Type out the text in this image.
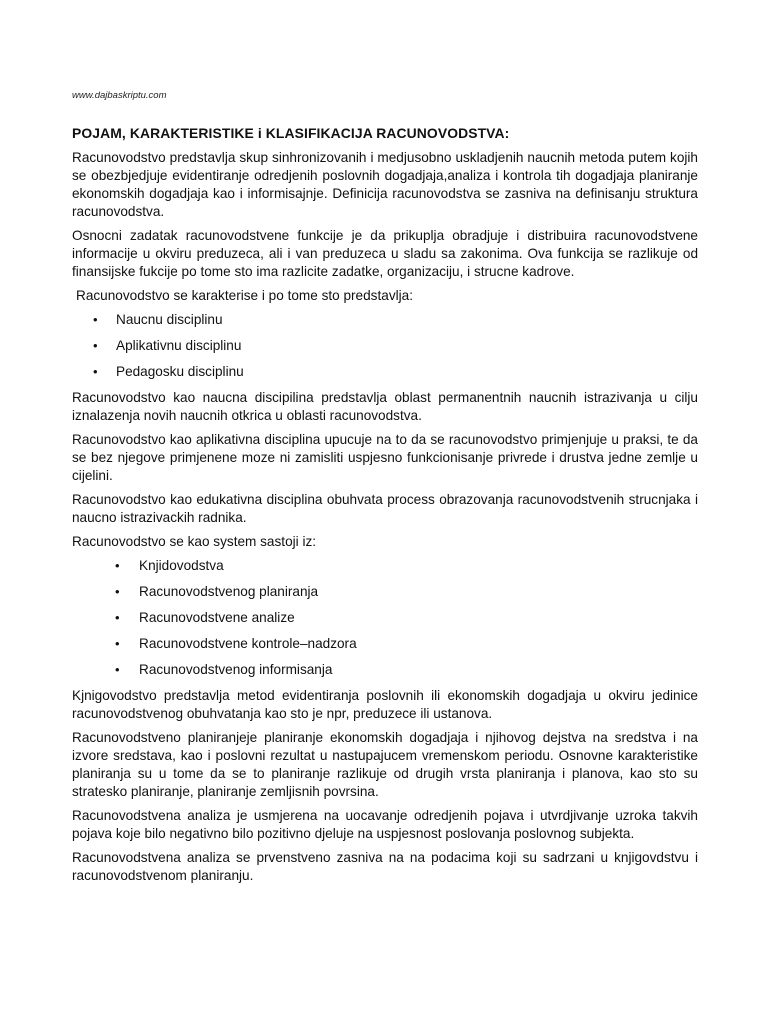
www.dajbaskriptu.com
POJAM, KARAKTERISTIKE i KLASIFIKACIJA RACUNOVODSTVA:

Racunovodstvo predstavlja skup sinhronizovanih i medjusobno uskladjenih naucnih metoda putem kojih se obezbjedjuje evidentiranje odredjenih poslovnih dogadjaja,analiza i kontrola tih dogadjaja planiranje ekonomskih dogadjaja kao i informisajnje. Definicija racunovodstva se zasniva na definisanju struktura racunovodstva.

Osnocni zadatak racunovodstvene funkcije je da prikuplja obradjuje i distribuira racunovodstvene informacije u okviru preduzeca, ali i van preduzeca u sladu sa zakonima. Ova funkcija se razlikuje od finansijske fukcije po tome sto ima razlicite zadatke, organizaciju, i strucne kadrove.

Racunovodstvo se karakterise i po tome sto predstavlja:

• Naucnu disciplinu
• Aplikativnu disciplinu
• Pedagosku disciplinu

Racunovodstvo kao naucna discipilina predstavlja oblast permanentnih naucnih istrazivanja u cilju iznalazenja novih naucnih otkrica u oblasti racunovodstva.

Racunovodstvo kao aplikativna disciplina upucuje na to da se racunovodstvo primjenjuje u praksi, te da se bez njegove primjenene moze ni zamisliti uspjesno funkcionisanje privrede i drustva jedne zemlje u cijelini.

Racunovodstvo kao edukativna disciplina obuhvata process obrazovanja racunovodstvenih strucnjaka i naucno istrazivackih radnika.

Racunovodstvo se kao system sastoji iz:

• Knjidovodstva
• Racunovodstvenog planiranja
• Racunovodstvene analize
• Racunovodstvene kontrole–nadzora
• Racunovodstvenog informisanja

Kjnigovodstvo predstavlja metod evidentiranja poslovnih ili ekonomskih dogadjaja u okviru jedinice racunovodstvenog obuhvatanja kao sto je npr, preduzece ili ustanova.

Racunovodstveno planiranjeje planiranje ekonomskih dogadjaja i njihovog dejstva na sredstva i na izvore sredstava, kao i poslovni rezultat u nastupajucem vremenskom periodu. Osnovne karakteristike planiranja su u tome da se to planiranje razlikuje od drugih vrsta planiranja i planova, kao sto su stratesko planiranje, planiranje zemljisnih povrsina.

Racunovodstvena analiza je usmjerena na uocavanje odredjenih pojava i utvrdjivanje uzroka takvih pojava koje bilo negativno bilo pozitivno djeluje na uspjesnost poslovanja poslovnog subjekta.

Racunovodstvena analiza se prvenstveno zasniva na na podacima koji su sadrzani u knjigovdstvu i racunovodstvenom planiranju.
